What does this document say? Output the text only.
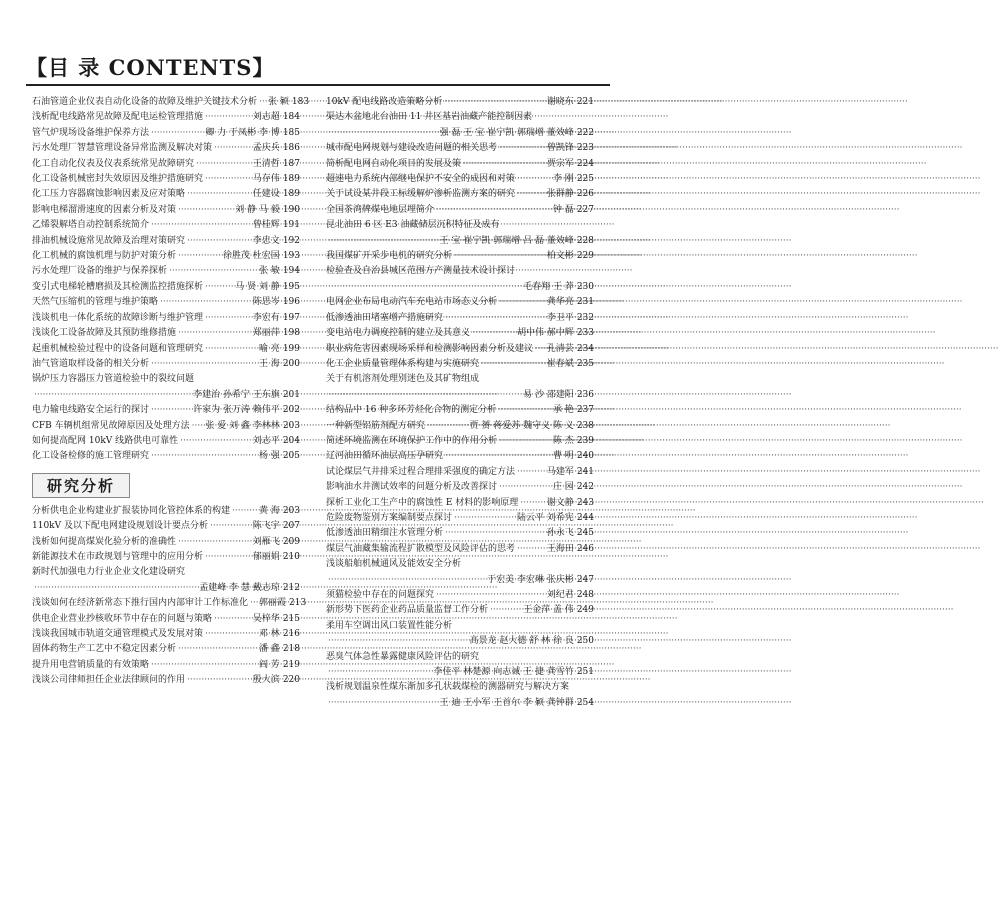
【目 录 CONTENTS】
石油管道企业仪表自动化设备的故障及维护关键技术分析 ····· 张 颖 183
浅析配电线路常见故障及配电运检管理措施 ·····	刘志超 184
管气炉现场设备维护保养方法 ·····	卿 力 于凤彬 李 博 185
污水处理厂智慧管理设备异常监测及解决对策 ·····	孟庆兵 186
化工自动化仪表及仪表系统常见故障研究 ·····	王清哲 187
化工设备机械密封失效原因及维护措施研究 ·····	马存伟 189
化工压力容器腐蚀影响因素及应对策略 ·····	任建设 189
影响电梯溜滑速度的因素分析及对策 ·····	刘 静 马 毅 190
乙烯裂解塔自动控制系统简介 ·····	曾桂辉 191
排油机械设施常见故障及治理对策研究 ·····	李忠文 192
化工机械的腐蚀机理与防护对策分析 ·····	徐胜茂 杜宏国 193
污水处理厂设备的维护与保养探析 ·····	张 敏 194
变引式电梯轮槽磨损及其检测监控措施探析 ·····	马 贤 刘 静 195
天然气压缩机的管理与维护策略 ·····	陈思岑 196
浅谈机电一体化系统的故障诊断与维护管理 ·····	李宏有 197
浅谈化工设备故障及其预防维修措施 ·····	郑丽萍 198
起重机械检验过程中的设备问题和管理研究 ·····	喻 亮 199
油气管道取样设备的相关分析 ·····	王 海 200
锅炉压力容器压力管道检验中的裂纹问题
·····
李建治 孙希宁 王东旗 201
电力输电线路安全运行的探讨 ·····	许家为 张万涛 赖伟平 202
CFB 车辆机组常见故障原因及处理方法 ····· 张 爱 刘 鑫 李林林 203
如何提高配网 10kV 线路供电可靠性 ·····	刘志平 204
化工设备检修的施工管理研究 ·····	杨 强 205
研究分析
分析供电企业构建业扩报装协同化管控体系的构建 ·····	黄 海 203
110kV 及以下配电网建设规划设计要点分析 ·····	陈飞宇 207
浅析如何提高煤炭化验分析的准确性 ·····	刘雁飞 209
新能源技术在市政规划与管理中的应用分析 ·····	郁丽娟 210
新时代加强电力行业企业文化建设研究
·····
孟建峰 李 慧 戴志琼 212
浅谈如何在经济新常态下推行国内内部审计工作标准化 ····· 郭丽霞 213
供电企业营业抄核收环节中存在的问题与策略 ·····	吴梓华 215
浅谈我国城市轨道交通管理模式及发展对策 ·····	邓 林 216
固体药物生产工艺中不稳定因素分析 ·····	潘 鑫 218
提升用电营销质量的有效策略 ·····	阎 芳 219
浅谈公司律师担任企业法律顾问的作用 ·····	殷大滨 220
10kV 配电线路改造策略分析 ·····	谢晓东 221
渠达木盆地北台油田 11 井区基岩油藏产能控制因素
·····
强 磊 王 宝 崔宁凯 郭瑞增 董效峰 222
城市配电网规划与建设改造问题的相关思考 ·····	曾凯锋 223
简析配电网自动化项目的发展及策 ·····	贾宗军 224
超速电力系统内部继电保护不安全的成因和对策 ·····	李 刚 225
关于试设某井段工标缓解炉渗析监测方案的研究 ·····	张群静 226
全国茶湾牌煤电地层埋简介 ·····	钟 磊 227
昆北油田 6 区 E3 油藏储层沉积特征及成有
·····
王 宝 崔宁凯 郭瑞增 吕 磊 董效峰 228
我国煤矿开采步电机的研究分析 ·····	柏文彬 229
检验查及自治县城区范围方产测量技术设计探讨
·····
毛春翔 王 莽 230
电网企业布局电动汽车充电站市场态义分析 ·····	龚华亮 231
低渗透油田堵塞增产措施研究 ·····	李卫平 232
变电站电力调度控制的建立及其意义 ·····	胡中伟 郝中辉 233
职业病危害因素现场采样和检测影响因素分析及建议 ····· 孔清芸 234
化工企业质量管理体系构建与实施研究 ·····	崔春斌 235
关于有机溶剂处理别迷色及其矿物组成
·····
易 沙 邵建阳 236
结构品中 16 种多环芳烃化合物的测定分析 ·····	承 艳 237
一种新型铝筋剂配方研究 ·····	贾 赟 蒋爱苏 魏守义 陈 义 238
简述环境监测在环境保护工作中的作用分析 ·····	陈 杰 239
辽河油田循环油层高压孕研究 ·····	曹 明 240
试论煤层气井排采过程合理排采强度的确定方法 ·····	马建军 241
影响油水井测试效率的问题分析及改善探讨 ·····	庄 园 242
探析工业化工生产中的腐蚀性 E 材料的影响原理 ·····	谢文静 243
危险废物鉴别方案编制要点探讨 ·····	陆云平 刘希宪 244
低渗透油田精细注水管理分析 ·····	孙永飞 245
煤层气油藏集输流程扩散模型及风险评估的思考 ·····	王海田 246
浅谈船舶机械通风及能效安全分析
·····
于宏美 李宏琳 张庆彬 247
须猫检验中存在的问题探究 ·····	刘纪君 248
新形势下医药企业药品质量监督工作分析 ·····	王金萍 盖 伟 249
柔用车空调出风口装置性能分析
·····
高景龙 赵大德 舒 林 徐 良 250
恶臭气体急性暴露健康风险评估的研究
·····
李佳平 林楚源 向志诚 王 捷 龚雪竹 251
浅析规划温泉性煤东渐加多孔状载煤检的测器研究与解决方案
·····
王 迪 王小军 王首尔 李 颖 龚钟群 254
